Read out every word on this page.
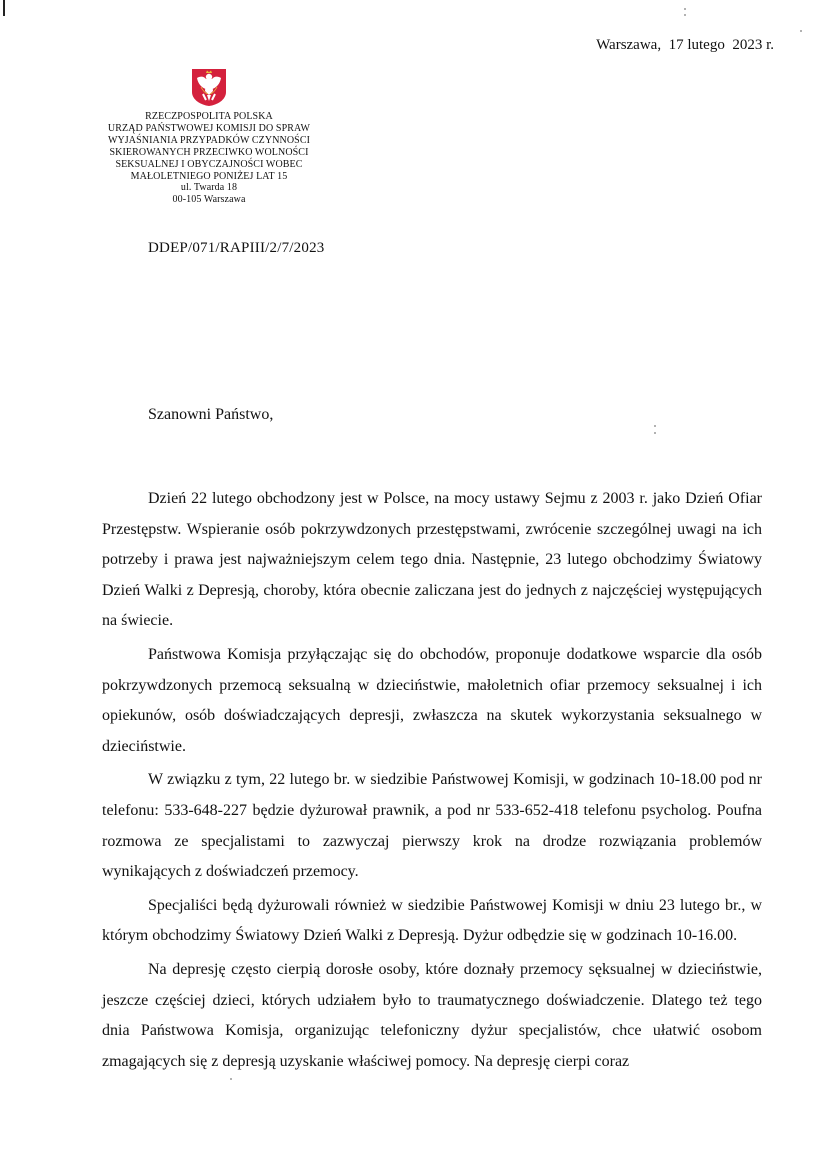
Warszawa,  17 lutego  2023 r.
RZECZPOSPOLITA POLSKA
URZĄD PAŃSTWOWEJ KOMISJI DO SPRAW
WYJAŚNIANIA PRZYPADKÓW CZYNNOŚCI
SKIEROWANYCH PRZECIWKO WOLNOŚCI
SEKSUALNEJ I OBYCZAJNOŚCI WOBEC
MAŁOLETNIEGO PONIŻEJ LAT 15
ul. Twarda 18
00-105 Warszawa
DDEP/071/RAPIII/2/7/2023
Szanowni Państwo,

Dzień 22 lutego obchodzony jest w Polsce, na mocy ustawy Sejmu z 2003 r. jako Dzień Ofiar Przestępstw. Wspieranie osób pokrzywdzonych przestępstwami, zwrócenie szczególnej uwagi na ich potrzeby i prawa jest najważniejszym celem tego dnia. Następnie, 23 lutego obchodzimy Światowy Dzień Walki z Depresją, choroby, która obecnie zaliczana jest do jednych z najczęściej występujących na świecie.

Państwowa Komisja przyłączając się do obchodów, proponuje dodatkowe wsparcie dla osób pokrzywdzonych przemocą seksualną w dzieciństwie, małoletnich ofiar przemocy seksualnej i ich opiekunów, osób doświadczających depresji, zwłaszcza na skutek wykorzystania seksualnego w dzieciństwie.

W związku z tym, 22 lutego br. w siedzibie Państwowej Komisji, w godzinach 10-18.00 pod nr telefonu: 533-648-227 będzie dyżurował prawnik, a pod nr 533-652-418 telefonu psycholog. Poufna rozmowa ze specjalistami to zazwyczaj pierwszy krok na drodze rozwiązania problemów wynikających z doświadczeń przemocy.

Specjaliści będą dyżurowali również w siedzibie Państwowej Komisji w dniu 23 lutego br., w którym obchodzimy Światowy Dzień Walki z Depresją. Dyżur odbędzie się w godzinach 10-16.00.

Na depresję często cierpią dorosłe osoby, które doznały przemocy sęksualnej w dzieciństwie, jeszcze częściej dzieci, których udziałem było to traumatycznego doświadczenie. Dlatego też tego dnia Państwowa Komisja, organizując telefoniczny dyżur specjalistów, chce ułatwić osobom zmagających się z depresją uzyskanie właściwej pomocy. Na depresję cierpi coraz
